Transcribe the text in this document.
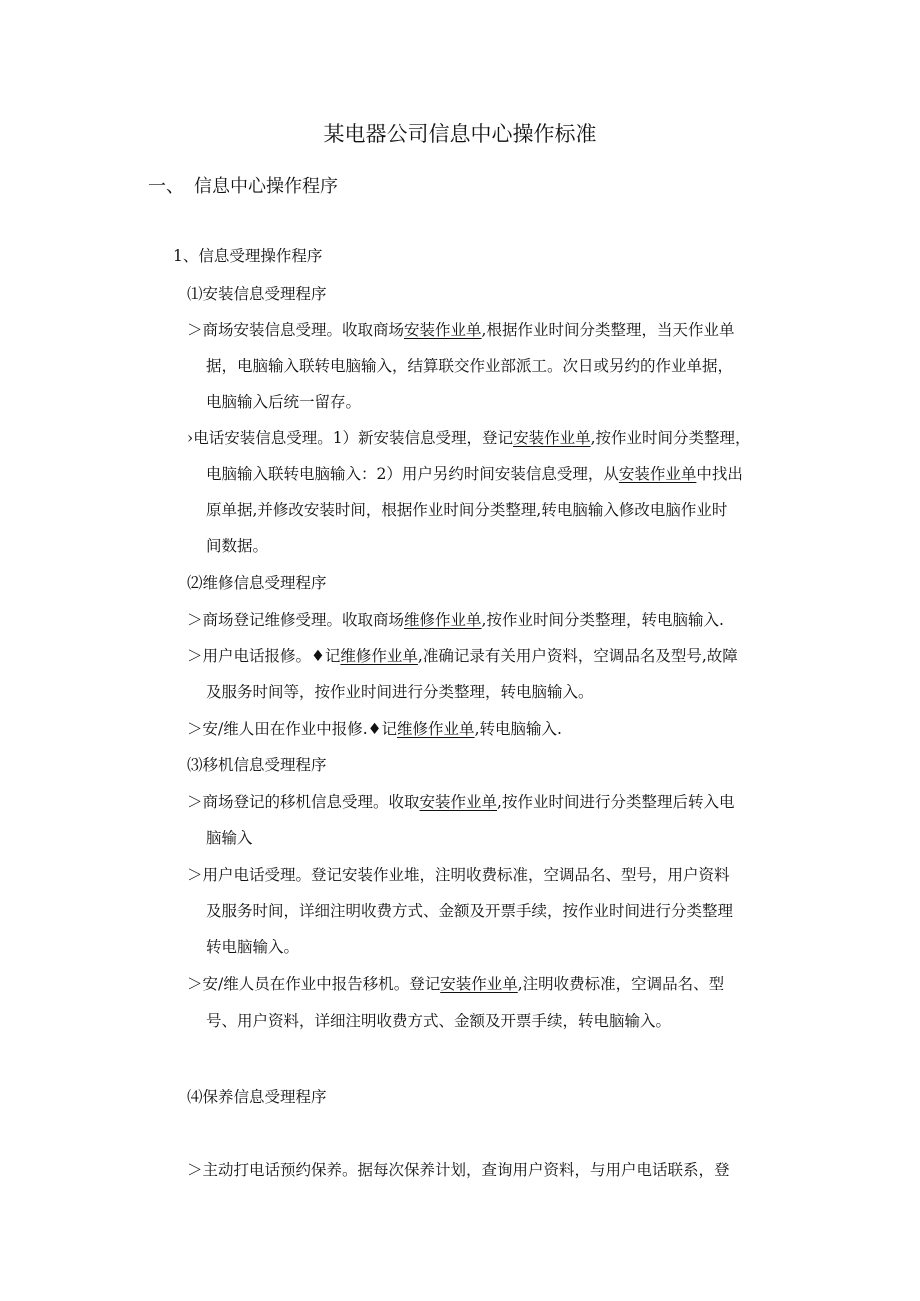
某电器公司信息中心操作标准
一、 信息中心操作程序
1、信息受理操作程序
⑴安装信息受理程序
＞商场安装信息受理。收取商场安装作业单,根据作业时间分类整理，当天作业单
据，电脑输入联转电脑输入，结算联交作业部派工。次日或另约的作业单据，
电脑输入后统一留存。
›电话安装信息受理。1）新安装信息受理，登记安装作业单,按作业时间分类整理，
电脑输入联转电脑输入：2）用户另约时间安装信息受理，从安装作业单中找出
原单据,并修改安装时间，根据作业时间分类整理,转电脑输入修改电脑作业时
间数据。
⑵维修信息受理程序
＞商场登记维修受理。收取商场维修作业单,按作业时间分类整理，转电脑输入.
＞用户电话报修。♦记维修作业单,准确记录有关用户资料，空调品名及型号,故障
及服务时间等，按作业时间进行分类整理，转电脑输入。
＞安/维人田在作业中报修.♦记维修作业单,转电脑输入.
⑶移机信息受理程序
＞商场登记的移机信息受理。收取安装作业单,按作业时间进行分类整理后转入电
脑输入
＞用户电话受理。登记安装作业堆，注明收费标准，空调品名、型号，用户资料
及服务时间，详细注明收费方式、金额及开票手续，按作业时间进行分类整理
转电脑输入。
＞安/维人员在作业中报告移机。登记安装作业单,注明收费标准，空调品名、型
号、用户资料，详细注明收费方式、金额及开票手续，转电脑输入。
⑷保养信息受理程序
＞主动打电话预约保养。据每次保养计划，查询用户资料，与用户电话联系，登
